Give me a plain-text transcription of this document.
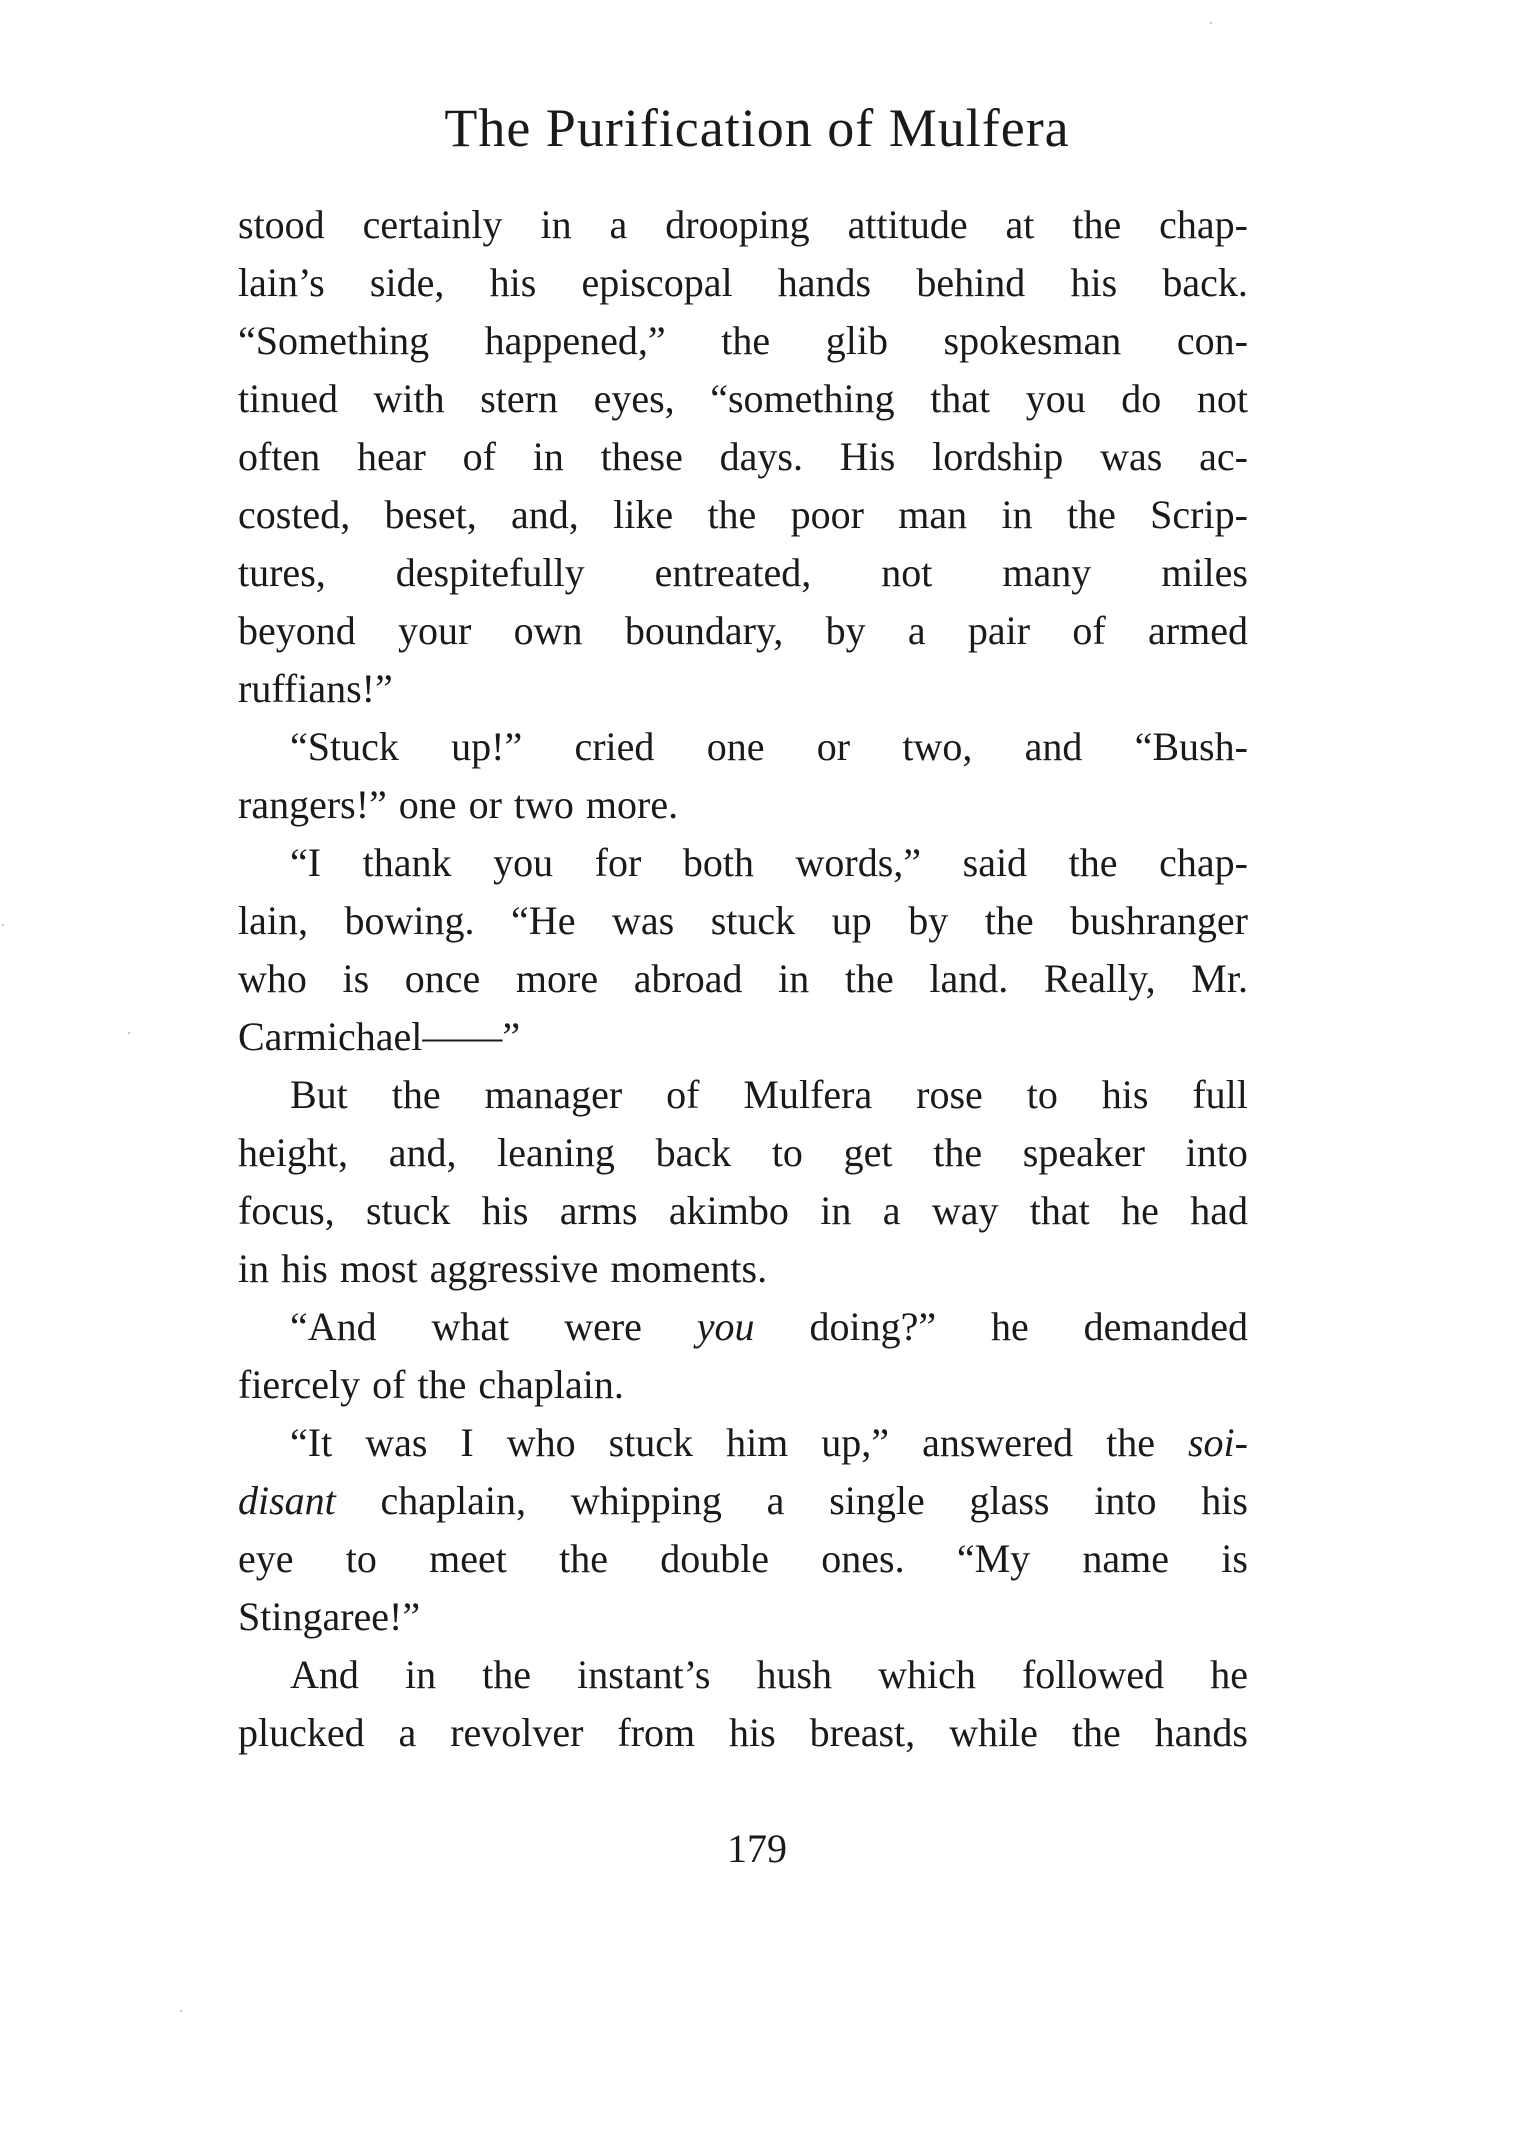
The Purification of Mulfera
stood certainly in a drooping attitude at the chap-
lain’s side, his episcopal hands behind his back.
“Something happened,” the glib spokesman con-
tinued with stern eyes, “something that you do not
often hear of in these days. His lordship was ac-
costed, beset, and, like the poor man in the Scrip-
tures, despitefully entreated, not many miles
beyond your own boundary, by a pair of armed
ruffians!”
“Stuck up!” cried one or two, and “Bush-
rangers!” one or two more.
“I thank you for both words,” said the chap-
lain, bowing. “He was stuck up by the bushranger
who is once more abroad in the land. Really, Mr.
Carmichael——”
But the manager of Mulfera rose to his full
height, and, leaning back to get the speaker into
focus, stuck his arms akimbo in a way that he had
in his most aggressive moments.
“And what were you doing?” he demanded
fiercely of the chaplain.
“It was I who stuck him up,” answered the soi-
disant chaplain, whipping a single glass into his
eye to meet the double ones. “My name is
Stingaree!”
And in the instant’s hush which followed he
plucked a revolver from his breast, while the hands
179
